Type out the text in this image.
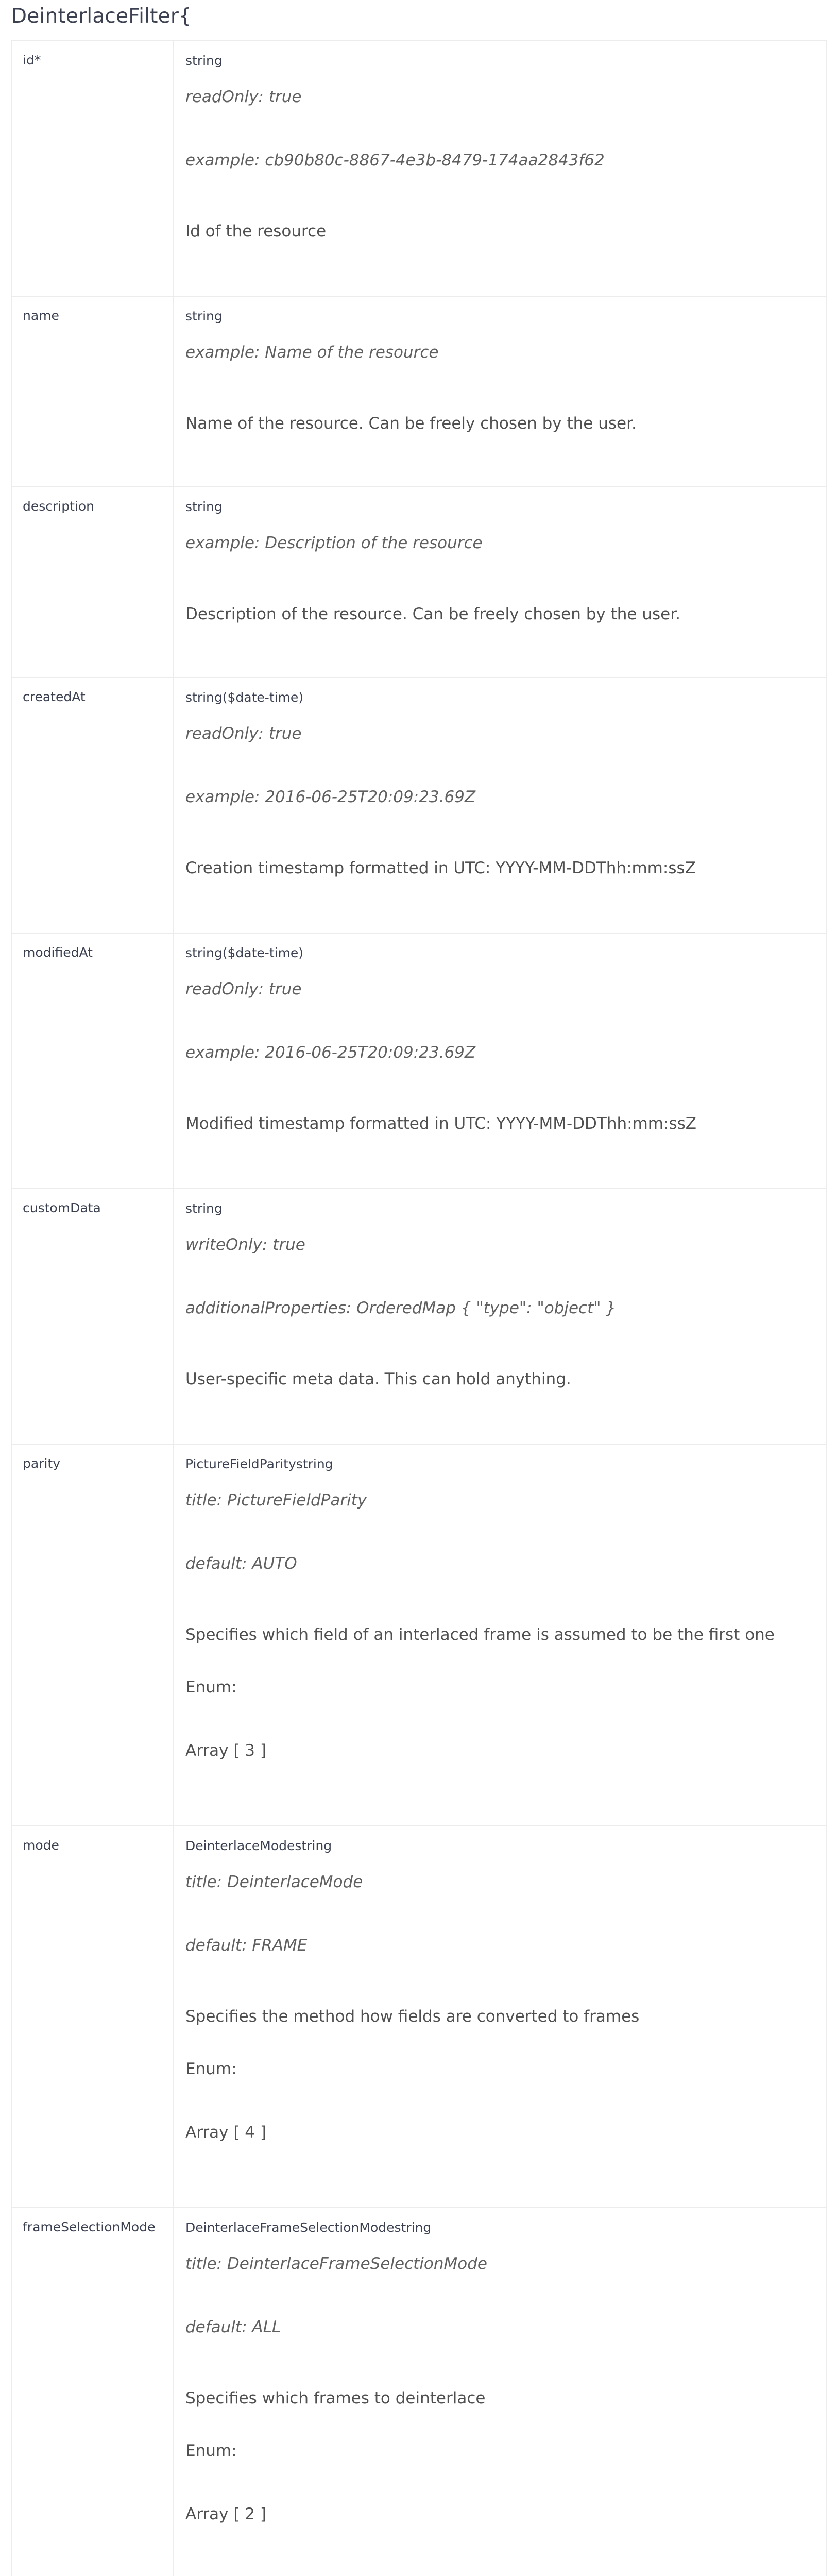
DeinterlaceFilter{
id*	string
readOnly: true
example: cb90b80c-8867-4e3b-8479-174aa2843f62
Id of the resource
name	string
example: Name of the resource
Name of the resource. Can be freely chosen by the user.
description	string
example: Description of the resource
Description of the resource. Can be freely chosen by the user.
createdAt	string($date-time)
readOnly: true
example: 2016-06-25T20:09:23.69Z
Creation timestamp formatted in UTC: YYYY-MM-DDThh:mm:ssZ
modifiedAt	string($date-time)
readOnly: true
example: 2016-06-25T20:09:23.69Z
Modified timestamp formatted in UTC: YYYY-MM-DDThh:mm:ssZ
customData	string
writeOnly: true
additionalProperties: OrderedMap { "type": "object" }
User-specific meta data. This can hold anything.
parity	PictureFieldParitystring
title: PictureFieldParity
default: AUTO
Specifies which field of an interlaced frame is assumed to be the first one
Enum:
Array [ 3 ]
mode	DeinterlaceModestring
title: DeinterlaceMode
default: FRAME
Specifies the method how fields are converted to frames
Enum:
Array [ 4 ]
frameSelectionMode	DeinterlaceFrameSelectionModestring
title: DeinterlaceFrameSelectionMode
default: ALL
Specifies which frames to deinterlace
Enum:
Array [ 2 ]
